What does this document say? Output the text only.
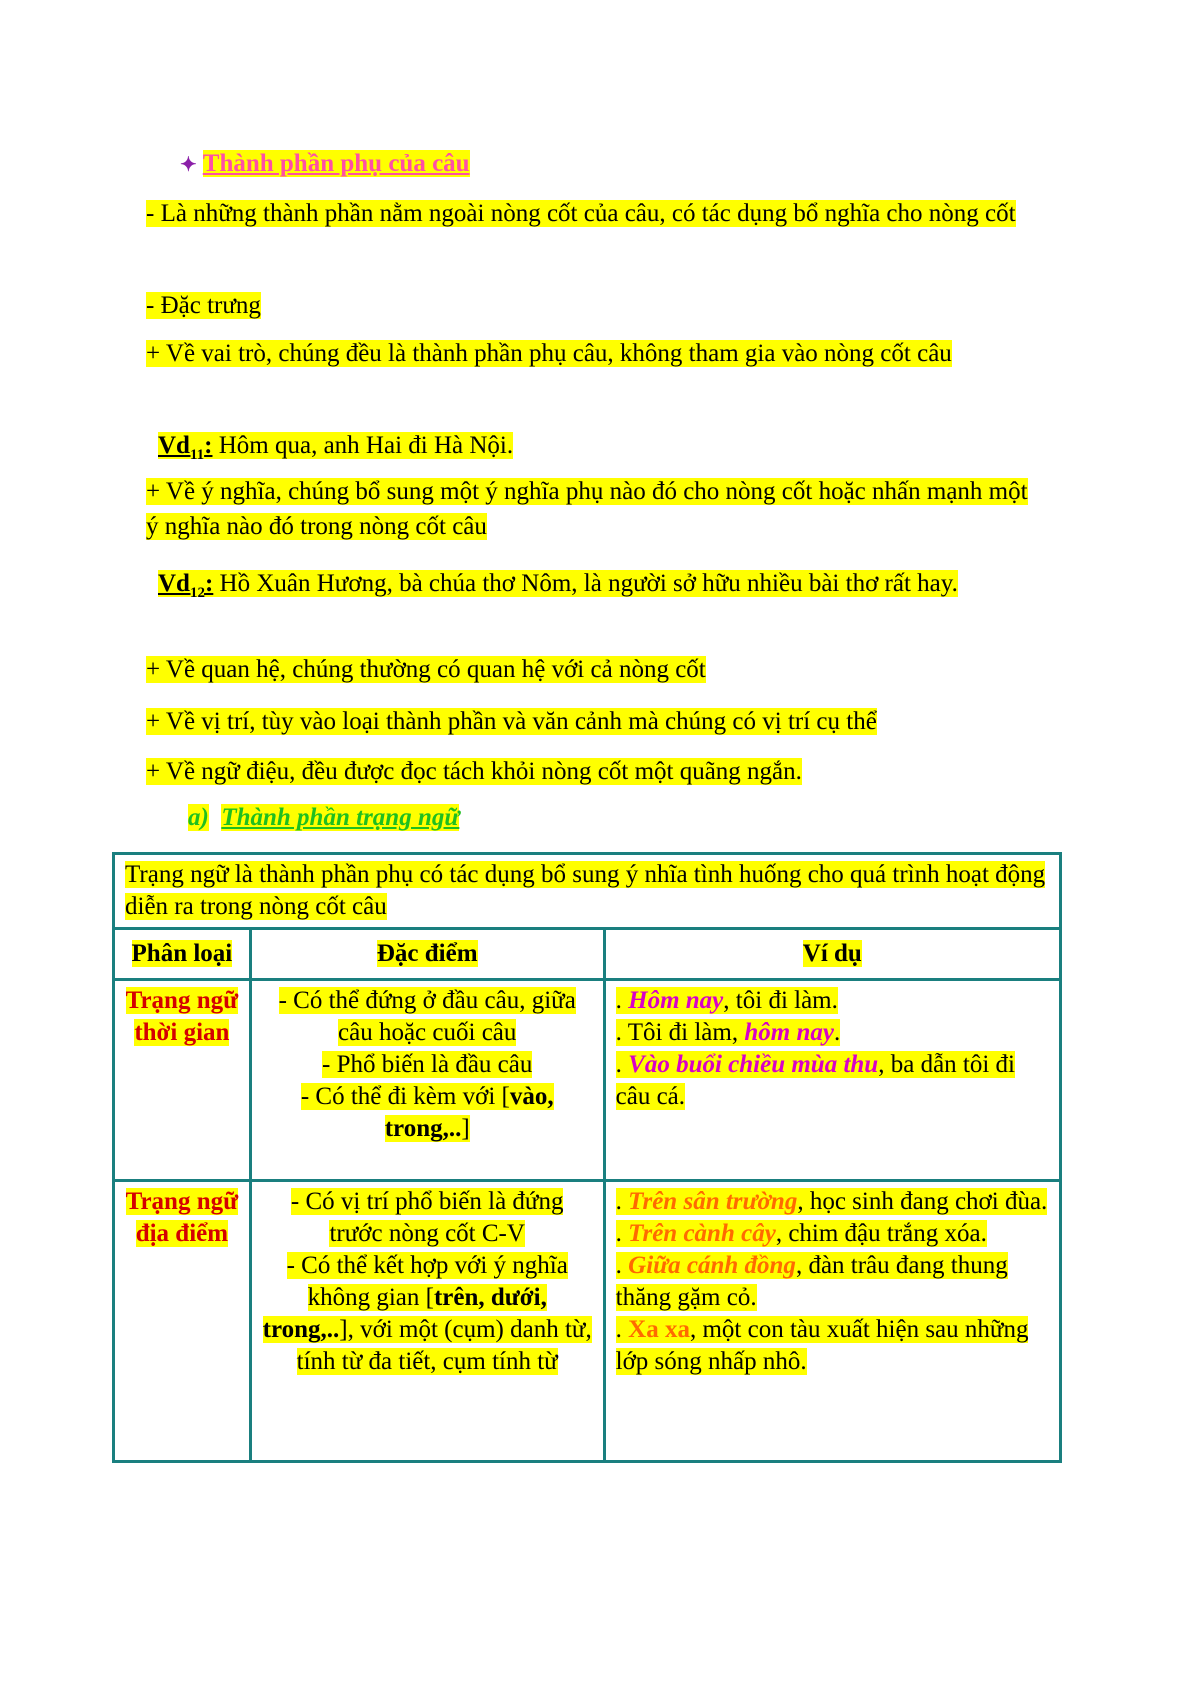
✦ Thành phần phụ của câu

- Là những thành phần nằm ngoài nòng cốt của câu, có tác dụng bổ nghĩa cho nòng cốt

- Đặc trưng

+ Về vai trò, chúng đều là thành phần phụ câu, không tham gia vào nòng cốt câu

$Vd_{11}$: Hôm qua, anh Hai đi Hà Nội.

+ Về ý nghĩa, chúng bổ sung một ý nghĩa phụ nào đó cho nòng cốt hoặc nhấn mạnh một ý nghĩa nào đó trong nòng cốt câu

$Vd_{12}$: Hồ Xuân Hương, bà chúa thơ Nôm, là người sở hữu nhiều bài thơ rất hay.

+ Về quan hệ, chúng thường có quan hệ với cả nòng cốt

+ Về vị trí, tùy vào loại thành phần và văn cảnh mà chúng có vị trí cụ thể

+ Về ngữ điệu, đều được đọc tách khỏi nòng cốt một quãng ngắn.

a) Thành phần trạng ngữ
Trạng ngữ là thành phần phụ có tác dụng bổ sung ý nhĩa tình huống cho quá trình hoạt động diễn ra trong nòng cốt câu		
Phân loại	Đặc điểm	Ví dụ
Trạng ngữ thời gian	- Có thể đứng ở đầu câu, giữa câu hoặc cuối câu
- Phổ biến là đầu câu
- Có thể đi kèm với [vào, trong,..]	. Hôm nay, tôi đi làm.
. Tôi đi làm, hôm nay.
. Vào buổi chiều mùa thu, ba dẫn tôi đi câu cá.
Trạng ngữ địa điểm	- Có vị trí phổ biến là đứng trước nòng cốt C-V
- Có thể kết hợp với ý nghĩa không gian [trên, dưới, trong,..], với một (cụm) danh từ, tính từ đa tiết, cụm tính từ	. Trên sân trường, học sinh đang chơi đùa.
. Trên cành cây, chim đậu trắng xóa.
. Giữa cánh đồng, đàn trâu đang thung thăng gặm cỏ.
. Xa xa, một con tàu xuất hiện sau những lớp sóng nhấp nhô.
